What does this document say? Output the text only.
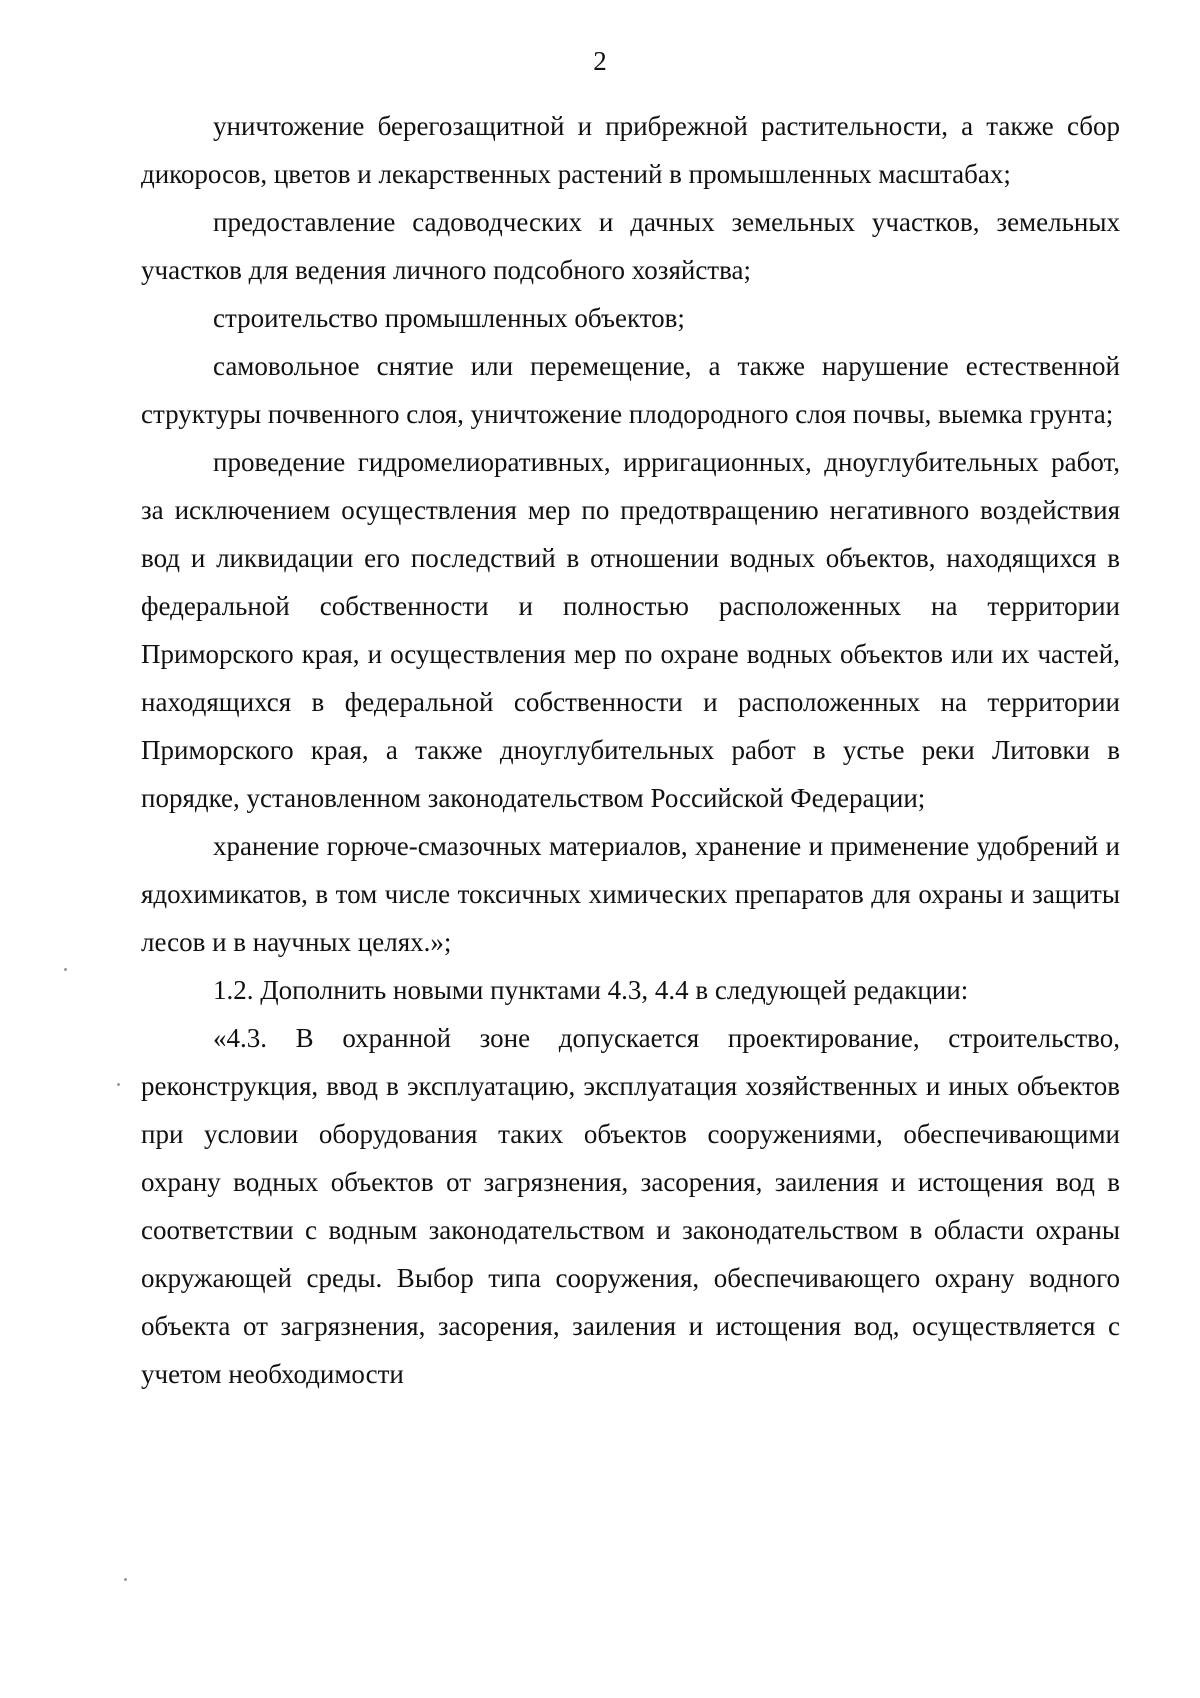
2

уничтожение берегозащитной и прибрежной растительности, а также сбор дикоросов, цветов и лекарственных растений в промышленных масштабах;

предоставление садоводческих и дачных земельных участков, земельных участков для ведения личного подсобного хозяйства;

строительство промышленных объектов;

самовольное снятие или перемещение, а также нарушение естественной структуры почвенного слоя, уничтожение плодородного слоя почвы, выемка грунта;

проведение гидромелиоративных, ирригационных, дноуглубительных работ, за исключением осуществления мер по предотвращению негативного воздействия вод и ликвидации его последствий в отношении водных объектов, находящихся в федеральной собственности и полностью расположенных на территории Приморского края, и осуществления мер по охране водных объектов или их частей, находящихся в федеральной собственности и расположенных на территории Приморского края, а также дноуглубительных работ в устье реки Литовки в порядке, установленном законодательством Российской Федерации;

хранение горюче-смазочных материалов, хранение и применение удобрений и ядохимикатов, в том числе токсичных химических препаратов для охраны и защиты лесов и в научных целях.»;

1.2. Дополнить новыми пунктами 4.3, 4.4 в следующей редакции:

«4.3. В охранной зоне допускается проектирование, строительство, реконструкция, ввод в эксплуатацию, эксплуатация хозяйственных и иных объектов при условии оборудования таких объектов сооружениями, обеспечивающими охрану водных объектов от загрязнения, засорения, заиления и истощения вод в соответствии с водным законодательством и законодательством в области охраны окружающей среды. Выбор типа сооружения, обеспечивающего охрану водного объекта от загрязнения, засорения, заиления и истощения вод, осуществляется с учетом необходимости
